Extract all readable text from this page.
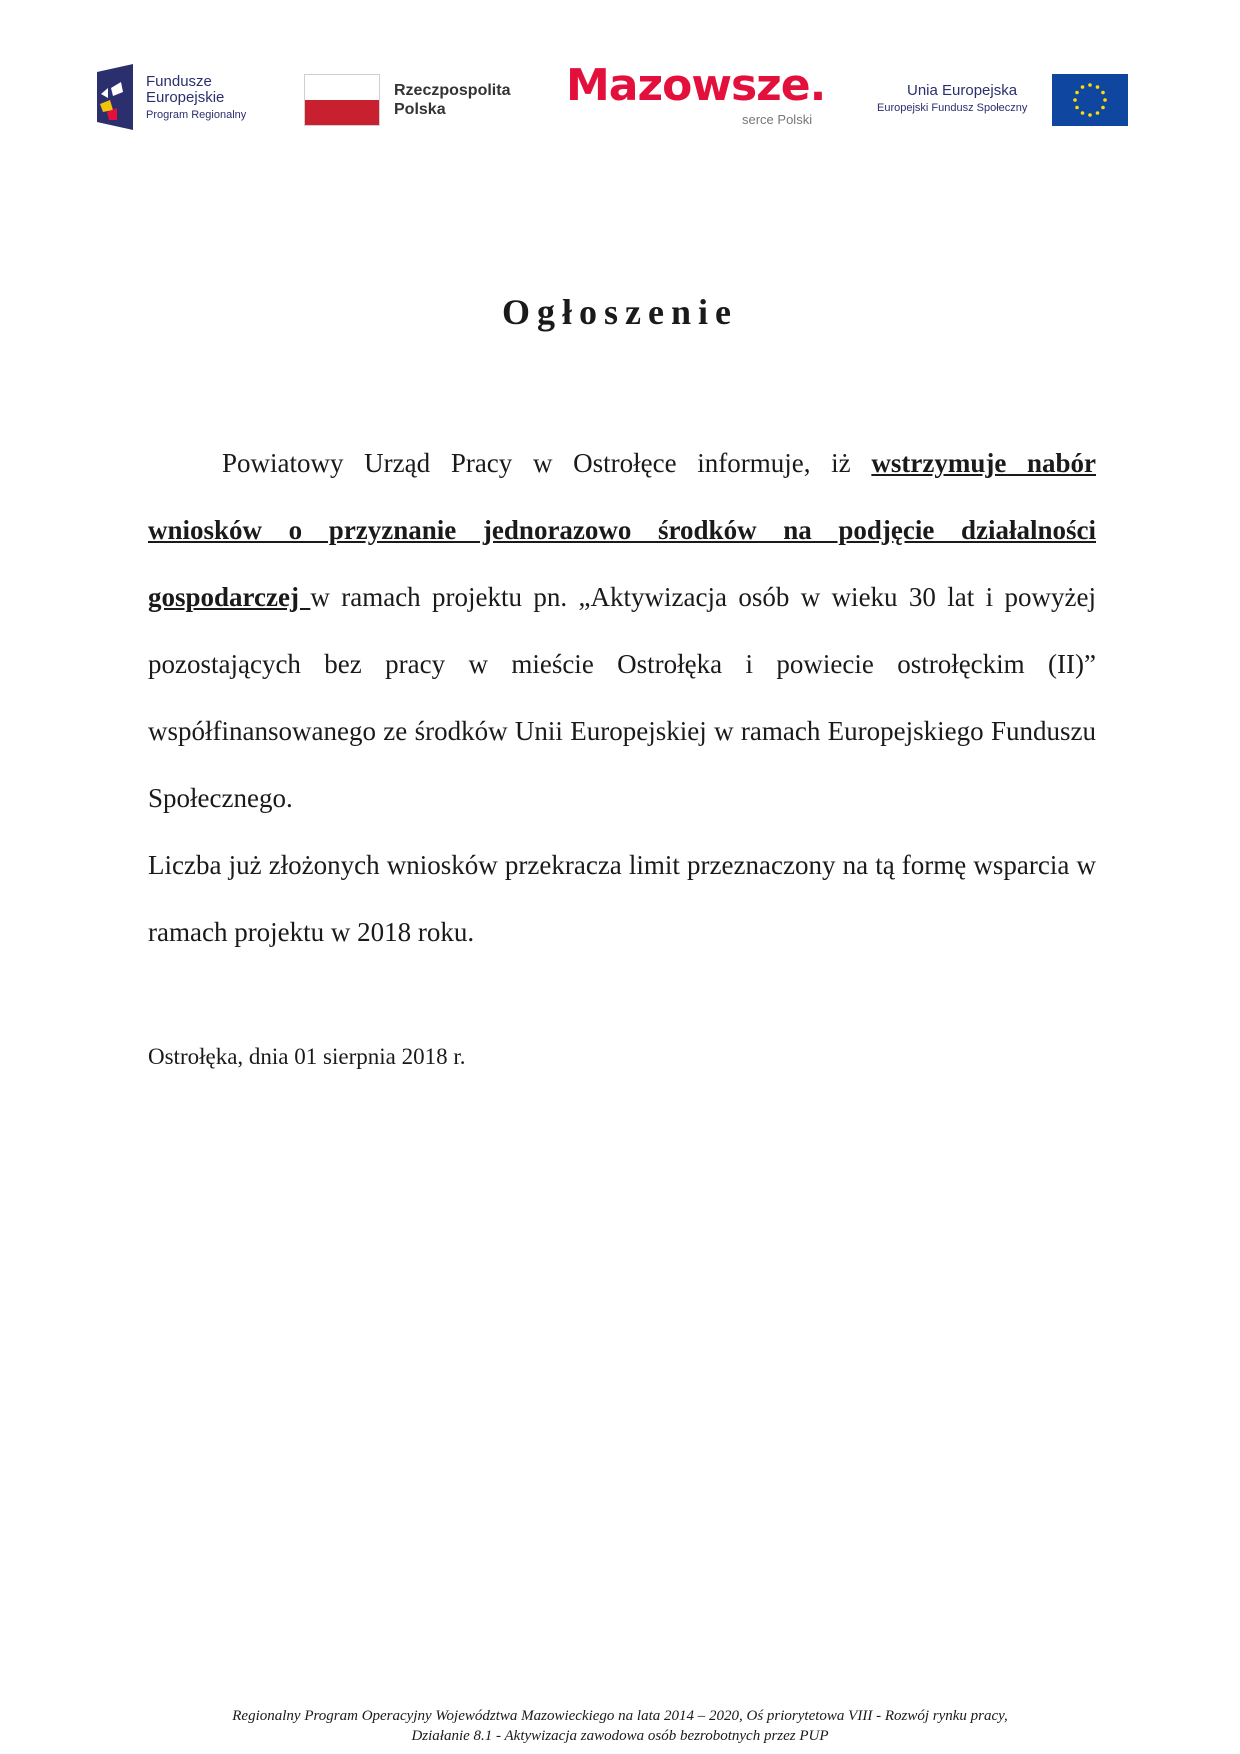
Fundusze
Europejskie
Program Regionalny
Rzeczpospolita
Polska	Mazowsze.
serce Polski
Unia Europejska
Europejski Fundusz Społeczny
Ogłoszenie

Powiatowy Urząd Pracy w Ostrołęce informuje, iż wstrzymuje nabór wniosków o przyznanie jednorazowo środków na podjęcie działalności gospodarczej w ramach projektu pn. „Aktywizacja osób w wieku 30 lat i powyżej pozostających bez pracy w mieście Ostrołęka i powiecie ostrołęckim (II)” współfinansowanego ze środków Unii Europejskiej w ramach Europejskiego Funduszu Społecznego.

Liczba już złożonych wniosków przekracza limit przeznaczony na tą formę wsparcia w ramach projektu w 2018 roku.

Ostrołęka, dnia 01 sierpnia 2018 r.

Regionalny Program Operacyjny Województwa Mazowieckiego na lata 2014 – 2020, Oś priorytetowa VIII - Rozwój rynku pracy,
Działanie 8.1 - Aktywizacja zawodowa osób bezrobotnych przez PUP
